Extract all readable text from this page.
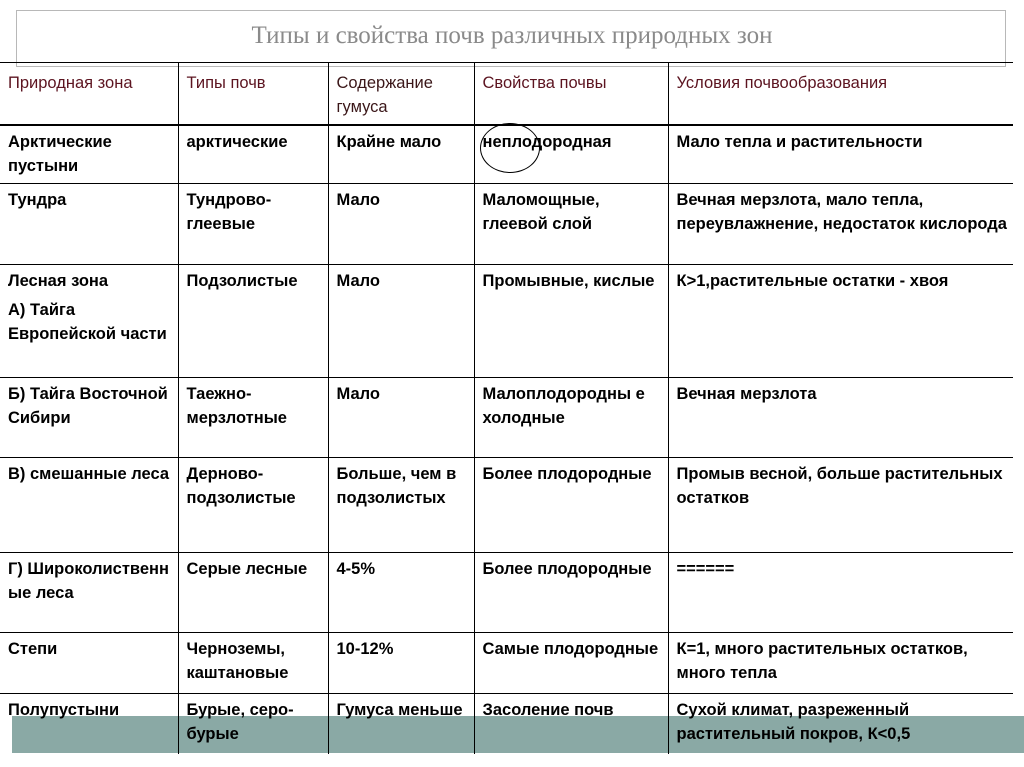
Типы и свойства почв различных природных зон
Природная зона	Типы почв	Содержание гумуса	Свойства почвы	Условия почвообразования
Арктические пустыни	арктические	Крайне мало	неплодородная	Мало тепла и растительности
Тундра	Тундрово-глеевые	Мало	Маломощные, глеевой слой	Вечная мерзлота, мало тепла, переувлажнение, недостаток кислорода
Лесная зона
А) Тайга Европейской части	Подзолистые	Мало	Промывные, кислые	К>1,растительные остатки - хвоя
Б) Тайга Восточной Сибири	Таежно-мерзлотные	Мало	Малоплодородны е холодные	Вечная мерзлота
В) смешанные леса	Дерново-подзолистые	Больше, чем в подзолистых	Более плодородные	Промыв весной, больше растительных остатков
Г) Широколиственн ые леса	Серые лесные	4-5%	Более плодородные	======
Степи	Черноземы, каштановые	10-12%	Самые плодородные	К=1, много растительных остатков, много тепла
Полупустыни	Бурые, серо-бурые	Гумуса меньше	Засоление почв	Сухой климат, разреженный растительный покров, К<0,5
